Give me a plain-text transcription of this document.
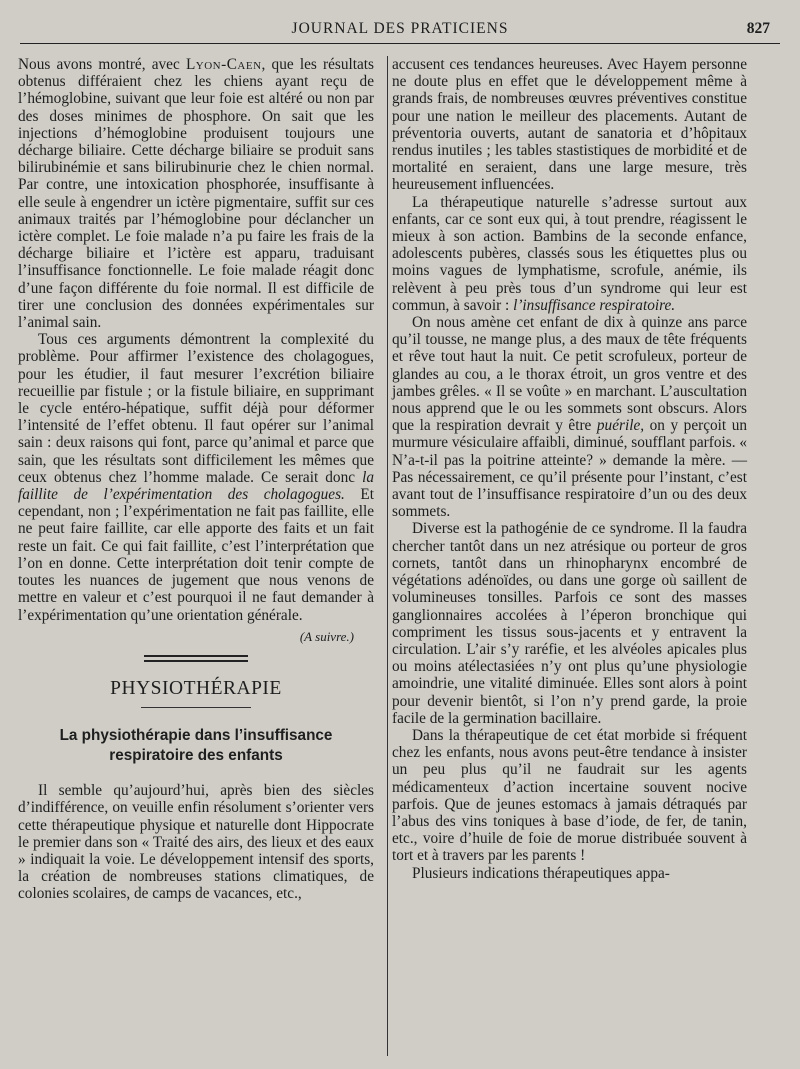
JOURNAL DES PRATICIENS	827

Nous avons montré, avec Lyon-Caen, que les résultats obtenus différaient chez les chiens ayant reçu de l’hémoglobine, suivant que leur foie est altéré ou non par des doses minimes de phosphore. On sait que les injections d’hémoglobine produisent toujours une décharge biliaire. Cette décharge biliaire se produit sans bilirubinémie et sans bilirubinurie chez le chien normal. Par contre, une intoxication phosphorée, insuffisante à elle seule à engendrer un ictère pigmentaire, suffit sur ces animaux traités par l’hémoglobine pour déclancher un ictère complet. Le foie malade n’a pu faire les frais de la décharge biliaire et l’ictère est apparu, traduisant l’insuffisance fonctionnelle. Le foie malade réagit donc d’une façon différente du foie normal. Il est difficile de tirer une conclusion des données expérimentales sur l’animal sain.

Tous ces arguments démontrent la complexité du problème. Pour affirmer l’existence des cholagogues, pour les étudier, il faut mesurer l’excrétion biliaire recueillie par fistule ; or la fistule biliaire, en supprimant le cycle entéro-hépatique, suffit déjà pour déformer l’intensité de l’effet obtenu. Il faut opérer sur l’animal sain : deux raisons qui font, parce qu’animal et parce que sain, que les résultats sont difficilement les mêmes que ceux obtenus chez l’homme malade. Ce serait donc la faillite de l’expérimentation des cholagogues. Et cependant, non ; l’expérimentation ne fait pas faillite, elle ne peut faire faillite, car elle apporte des faits et un fait reste un fait. Ce qui fait faillite, c’est l’interprétation que l’on en donne. Cette interprétation doit tenir compte de toutes les nuances de jugement que nous venons de mettre en valeur et c’est pourquoi il ne faut demander à l’expérimentation qu’une orientation générale.

(A suivre.)
PHYSIOTHÉRAPIE
La physiothérapie dans l’insuffisance
respiratoire des enfants

Il semble qu’aujourd’hui, après bien des siècles d’indifférence, on veuille enfin résolument s’orienter vers cette thérapeutique physique et naturelle dont Hippocrate le premier dans son « Traité des airs, des lieux et des eaux » indiquait la voie. Le développement intensif des sports, la création de nombreuses stations climatiques, de colonies scolaires, de camps de vacances, etc.,

accusent ces tendances heureuses. Avec Hayem personne ne doute plus en effet que le développement même à grands frais, de nombreuses œuvres préventives constitue pour une nation le meilleur des placements. Autant de préventoria ouverts, autant de sanatoria et d’hôpitaux rendus inutiles ; les tables stastistiques de morbidité et de mortalité en seraient, dans une large mesure, très heureusement influencées.

La thérapeutique naturelle s’adresse surtout aux enfants, car ce sont eux qui, à tout prendre, réagissent le mieux à son action. Bambins de la seconde enfance, adolescents pubères, classés sous les étiquettes plus ou moins vagues de lymphatisme, scrofule, anémie, ils relèvent à peu près tous d’un syndrome qui leur est commun, à savoir : l’insuffisance respiratoire.

On nous amène cet enfant de dix à quinze ans parce qu’il tousse, ne mange plus, a des maux de tête fréquents et rêve tout haut la nuit. Ce petit scrofuleux, porteur de glandes au cou, a le thorax étroit, un gros ventre et des jambes grêles. « Il se voûte » en marchant. L’auscultation nous apprend que le ou les sommets sont obscurs. Alors que la respiration devrait y être puérile, on y perçoit un murmure vésiculaire affaibli, diminué, soufflant parfois. « N’a-t-il pas la poitrine atteinte? » demande la mère. — Pas nécessairement, ce qu’il présente pour l’instant, c’est avant tout de l’insuffisance respiratoire d’un ou des deux sommets.

Diverse est la pathogénie de ce syndrome. Il la faudra chercher tantôt dans un nez atrésique ou porteur de gros cornets, tantôt dans un rhinopharynx encombré de végétations adénoïdes, ou dans une gorge où saillent de volumineuses tonsilles. Parfois ce sont des masses ganglionnaires accolées à l’éperon bronchique qui compriment les tissus sous-jacents et y entravent la circulation. L’air s’y raréfie, et les alvéoles apicales plus ou moins atélectasiées n’y ont plus qu’une physiologie amoindrie, une vitalité diminuée. Elles sont alors à point pour devenir bientôt, si l’on n’y prend garde, la proie facile de la germination bacillaire.

Dans la thérapeutique de cet état morbide si fréquent chez les enfants, nous avons peut-être tendance à insister un peu plus qu’il ne faudrait sur les agents médicamenteux d’action incertaine souvent nocive parfois. Que de jeunes estomacs à jamais détraqués par l’abus des vins toniques à base d’iode, de fer, de tanin, etc., voire d’huile de foie de morue distribuée souvent à tort et à travers par les parents !

Plusieurs indications thérapeutiques appa-
